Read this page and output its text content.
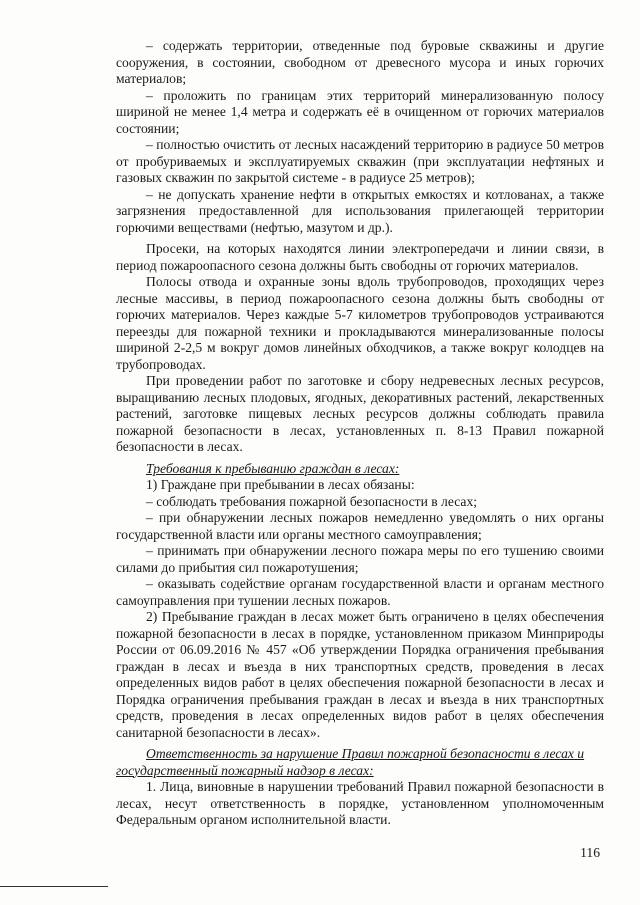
– содержать территории, отведенные под буровые скважины и другие сооружения, в состоянии, свободном от древесного мусора и иных горючих материалов;

– проложить по границам этих территорий минерализованную полосу шириной не менее 1,4 метра и содержать её в очищенном от горючих материалов состоянии;

– полностью очистить от лесных насаждений территорию в радиусе 50 метров от пробуриваемых и эксплуатируемых скважин (при эксплуатации нефтяных и газовых скважин по закрытой системе - в радиусе 25 метров);

– не допускать хранение нефти в открытых емкостях и котлованах, а также загрязнения предоставленной для использования прилегающей территории горючими веществами (нефтью, мазутом и др.).

Просеки, на которых находятся линии электропередачи и линии связи, в период пожароопасного сезона должны быть свободны от горючих материалов.

Полосы отвода и охранные зоны вдоль трубопроводов, проходящих через лесные массивы, в период пожароопасного сезона должны быть свободны от горючих материалов. Через каждые 5-7 километров трубопроводов устраиваются переезды для пожарной техники и прокладываются минерализованные полосы шириной 2-2,5 м вокруг домов линейных обходчиков, а также вокруг колодцев на трубопроводах.

При проведении работ по заготовке и сбору недревесных лесных ресурсов, выращиванию лесных плодовых, ягодных, декоративных растений, лекарственных растений, заготовке пищевых лесных ресурсов должны соблюдать правила пожарной безопасности в лесах, установленных п. 8-13 Правил пожарной безопасности в лесах.

Требования к пребыванию граждан в лесах:

1) Граждане при пребывании в лесах обязаны:

– соблюдать требования пожарной безопасности в лесах;

– при обнаружении лесных пожаров немедленно уведомлять о них органы государственной власти или органы местного самоуправления;

– принимать при обнаружении лесного пожара меры по его тушению своими силами до прибытия сил пожаротушения;

– оказывать содействие органам государственной власти и органам местного самоуправления при тушении лесных пожаров.

2) Пребывание граждан в лесах может быть ограничено в целях обеспечения пожарной безопасности в лесах в порядке, установленном приказом Минприроды России от 06.09.2016 № 457 «Об утверждении Порядка ограничения пребывания граждан в лесах и въезда в них транспортных средств, проведения в лесах определенных видов работ в целях обеспечения пожарной безопасности в лесах и Порядка ограничения пребывания граждан в лесах и въезда в них транспортных средств, проведения в лесах определенных видов работ в целях обеспечения санитарной безопасности в лесах».

Ответственность за нарушение Правил пожарной безопасности в лесах и государственный пожарный надзор в лесах:

1. Лица, виновные в нарушении требований Правил пожарной безопасности в лесах, несут ответственность в порядке, установленном уполномоченным Федеральным органом исполнительной власти.

116
